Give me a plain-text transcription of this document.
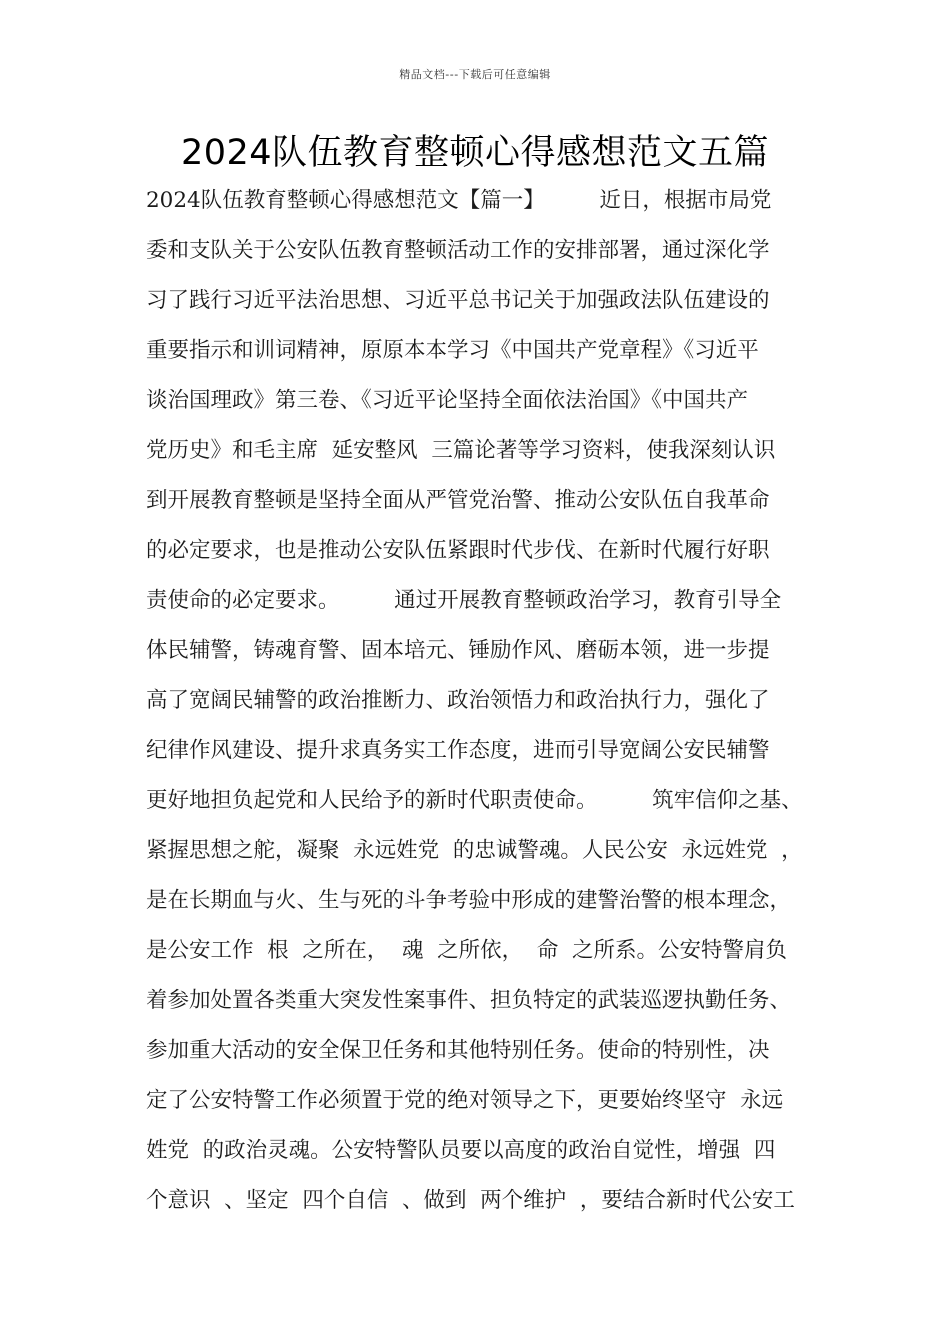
精品文档---下载后可任意编辑
2024队伍教育整顿心得感想范文五篇
2024队伍教育整顿心得感想范文【篇一】        近日，根据市局党
委和支队关于公安队伍教育整顿活动工作的安排部署，通过深化学
习了践行习近平法治思想、习近平总书记关于加强政法队伍建设的
重要指示和训词精神，原原本本学习《中国共产党章程》《习近平
谈治国理政》第三卷、《习近平论坚持全面依法治国》《中国共产
党历史》和毛主席  延安整风  三篇论著等学习资料，使我深刻认识
到开展教育整顿是坚持全面从严管党治警、推动公安队伍自我革命
的必定要求，也是推动公安队伍紧跟时代步伐、在新时代履行好职
责使命的必定要求。        通过开展教育整顿政治学习，教育引导全
体民辅警，铸魂育警、固本培元、锤励作风、磨砺本领，进一步提
高了宽阔民辅警的政治推断力、政治领悟力和政治执行力，强化了
纪律作风建设、提升求真务实工作态度，进而引导宽阔公安民辅警
更好地担负起党和人民给予的新时代职责使命。        筑牢信仰之基、
紧握思想之舵，凝聚  永远姓党  的忠诚警魂。人民公安  永远姓党  ，
是在长期血与火、生与死的斗争考验中形成的建警治警的根本理念，
是公安工作  根  之所在，  魂  之所依，  命  之所系。公安特警肩负
着参加处置各类重大突发性案事件、担负特定的武装巡逻执勤任务、
参加重大活动的安全保卫任务和其他特别任务。使命的特别性，决
定了公安特警工作必须置于党的绝对领导之下，更要始终坚守  永远
姓党  的政治灵魂。公安特警队员要以高度的政治自觉性，增强  四
个意识  、坚定  四个自信  、做到  两个维护  ，要结合新时代公安工
